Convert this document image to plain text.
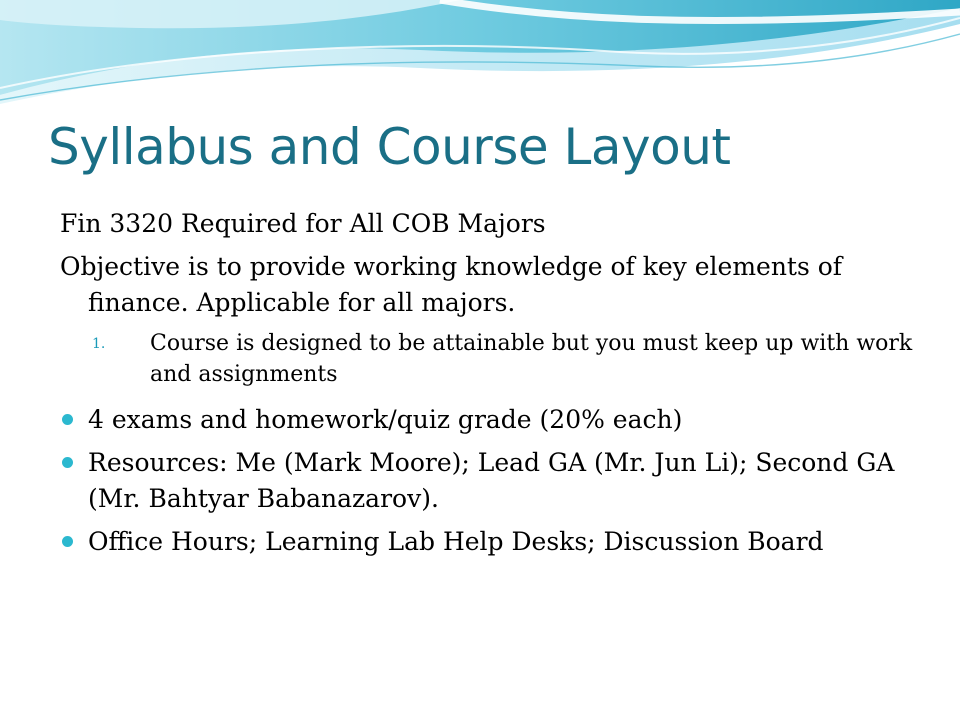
Syllabus and Course Layout

Fin 3320 Required for All COB Majors

Objective is to provide working knowledge of key elements of finance. Applicable for all majors.

1.	Course is designed to be attainable but you must keep up with work and assignments
4 exams and homework/quiz grade (20% each)
Resources: Me (Mark Moore); Lead GA (Mr. Jun Li); Second GA (Mr. Bahtyar Babanazarov).
Office Hours; Learning Lab Help Desks; Discussion Board
